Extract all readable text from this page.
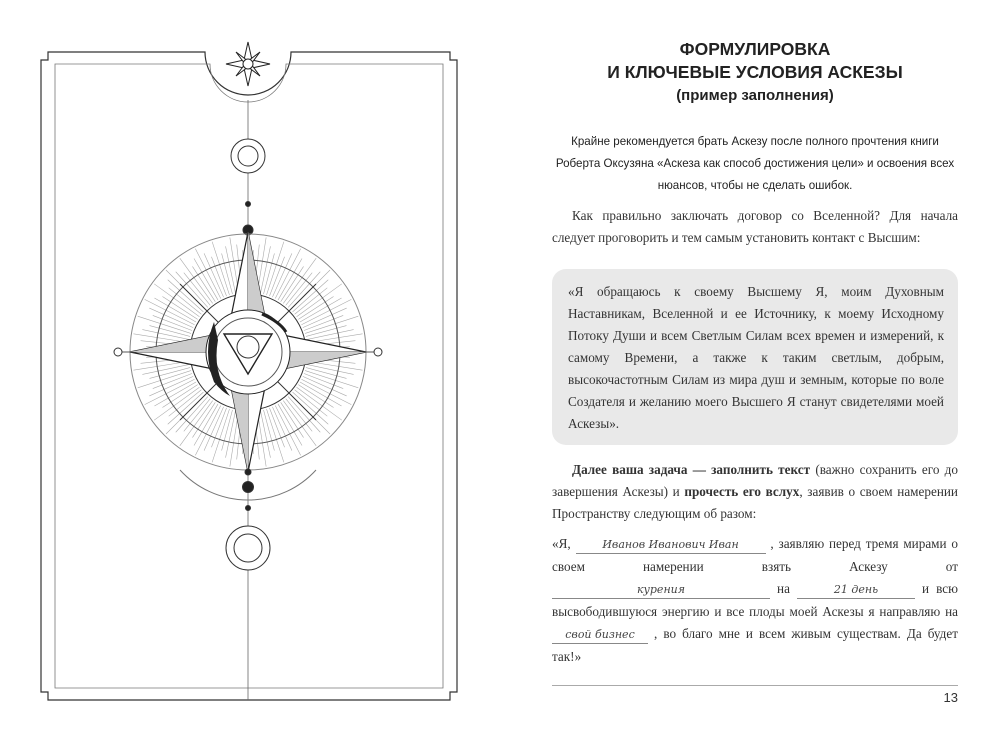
ФОРМУЛИРОВКА
И КЛЮЧЕВЫЕ УСЛОВИЯ АСКЕЗЫ
(пример заполнения)
Крайне рекомендуется брать Аскезу после полного прочтения книги Роберта Оксузяна «Аскеза как способ достижения цели» и освоения всех нюансов, чтобы не сделать ошибок.

Как правильно заключать договор со Вселенной? Для начала следует проговорить и тем самым установить контакт с Высшим:

«Я обращаюсь к своему Высшему Я, моим Духовным Наставникам, Вселенной и ее Источнику, к моему Исходному Потоку Души и всем Светлым Силам всех времен и измерений, к самому Времени, а также к таким светлым, добрым, высокочастотным Силам из мира душ и земным, которые по воле Создателя и желанию моего Высшего Я станут свидетелями моей Аскезы».

Далее ваша задача — заполнить текст (важно сохранить его до завершения Аскезы) и прочесть его вслух, заявив о своем намерении Пространству следующим об разом:

«Я, Иванов Иванович Иван , заявляю перед тремя мирами о своем намерении взять Аскезу от курения	на	21 день	и всю высвободившуюся энергию и все плоды моей Аскезы я направляю на свой бизнес , во благо мне и всем живым существам. Да будет так!»
13
